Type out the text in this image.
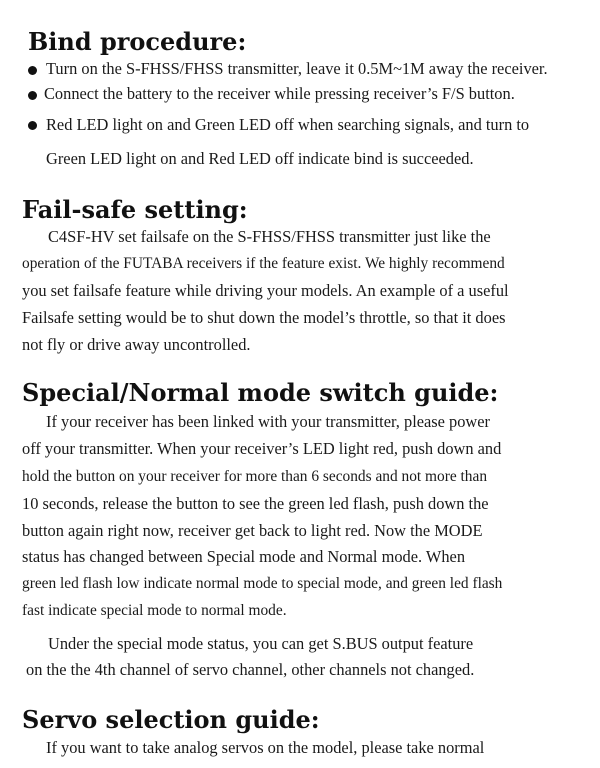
Bind procedure:
Turn on the S-FHSS/FHSS transmitter, leave it 0.5M~1M away the receiver.
Connect the battery to the receiver while pressing receiver’s F/S button.
Red LED light on and Green LED off when searching signals, and turn to
Green LED light on and Red LED off indicate bind is succeeded.
Fail-safe setting:
C4SF-HV set failsafe on the S-FHSS/FHSS transmitter just like the
operation of the FUTABA receivers if the feature exist. We highly recommend
you set failsafe feature while driving your models. An example of a useful
Failsafe setting would be to shut down the model’s throttle, so that it does
not fly or drive away uncontrolled.
Special/Normal mode switch guide:
If your receiver has been linked with your transmitter, please power
off your transmitter. When your receiver’s LED light red, push down and
hold the button on your receiver for more than 6 seconds and not more than
10 seconds, release the button to see the green led flash, push down the
button again right now, receiver get back to light red. Now the MODE
status has changed between Special mode and Normal mode. When
green led flash low indicate normal mode to special mode, and green led flash
fast indicate special mode to normal mode.
Under the special mode status, you can get S.BUS output feature
on the the 4th channel of servo channel, other channels not changed.
Servo selection guide:
If you want to take analog servos on the model, please take normal
